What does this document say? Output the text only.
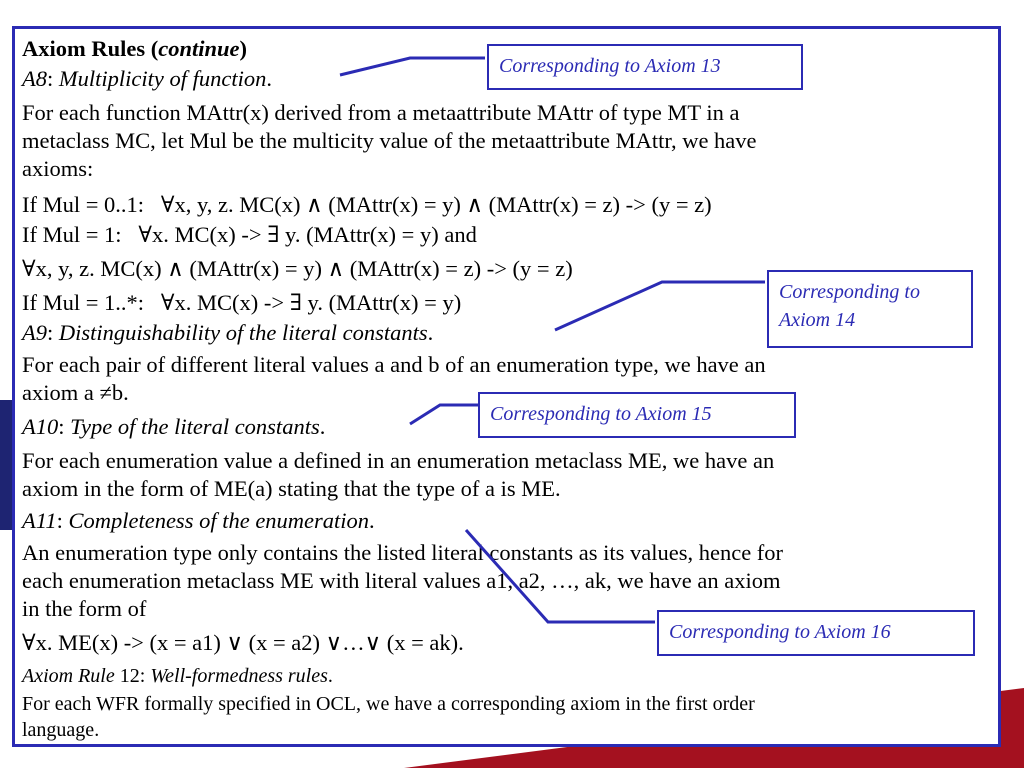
Axiom Rules (continue)
A8: Multiplicity of function.
For each function MAttr(x) derived from a metaattribute MAttr of type MT in a
metaclass MC, let Mul be the multicity value of the metaattribute MAttr, we have
axioms:
If Mul = 0..1:   ∀x, y, z. MC(x) ∧ (MAttr(x) = y) ∧ (MAttr(x) = z) -> (y = z)
If Mul = 1:   ∀x. MC(x) -> ∃ y. (MAttr(x) = y) and
∀x, y, z. MC(x) ∧ (MAttr(x) = y) ∧ (MAttr(x) = z) -> (y = z)
If Mul = 1..*:   ∀x. MC(x) -> ∃ y. (MAttr(x) = y)
A9: Distinguishability of the literal constants.
For each pair of different literal values a and b of an enumeration type, we have an
axiom a ≠b.
A10: Type of the literal constants.
For each enumeration value a defined in an enumeration metaclass ME, we have an
axiom in the form of ME(a) stating that the type of a is ME.
A11: Completeness of the enumeration.
An enumeration type only contains the listed literal constants as its values, hence for
each enumeration metaclass ME with literal values a1, a2, …, ak, we have an axiom
in the form of
∀x. ME(x) -> (x = a1) ∨ (x = a2) ∨…∨ (x = ak).
Axiom Rule 12: Well-formedness rules.
For each WFR formally specified in OCL, we have a corresponding axiom in the first order
language.
Corresponding to Axiom 13
Corresponding to Axiom 14
Corresponding to Axiom 15
Corresponding to Axiom 16
